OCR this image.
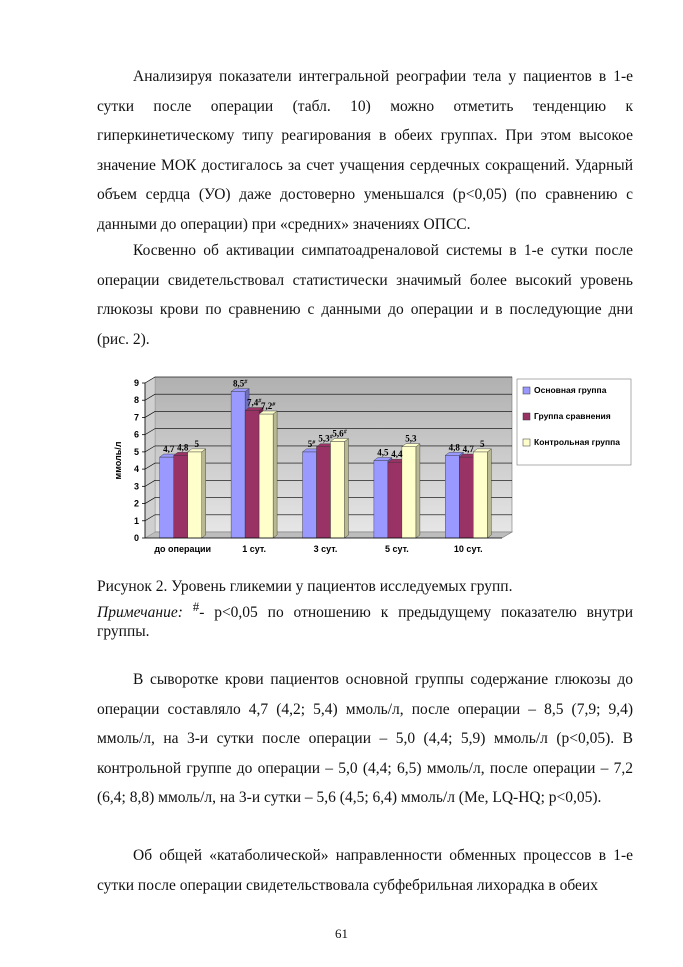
Анализируя показатели интегральной реографии тела у пациентов в 1-е сутки после операции (табл. 10) можно отметить тенденцию к гиперкинетическому типу реагирования в обеих группах. При этом высокое значение МОК достигалось за счет учащения сердечных сокращений. Ударный объем сердца (УО) даже достоверно уменьшался (р<0,05) (по сравнению с данными до операции) при «средних» значениях ОПСС.

Косвенно об активации симпатоадреналовой системы в 1-е сутки после операции свидетельствовал статистически значимый более высокий уровень глюкозы крови по сравнению с данными до операции и в последующие дни (рис. 2).

4,7 4,8 5
8,5#
7,4# 7,2#
5# 5,3# 5,6#
4,5 4,4
5,3
4,8 4,7
5
0
1
2
3
4
5
6
7
8
9
ммоль/л
до операции	1 сут.	3 сут.	5 сут.	10 сут.
Основная группа
Группа сравнения
Контрольная группа
Рисунок 2. Уровень гликемии у пациентов исследуемых групп.
Примечание: #- р<0,05 по отношению к предыдущему показателю внутри группы.

В сыворотке крови пациентов основной группы содержание глюкозы до операции составляло 4,7 (4,2; 5,4) ммоль/л, после операции – 8,5 (7,9; 9,4) ммоль/л, на 3-и сутки после операции – 5,0 (4,4; 5,9) ммоль/л (р<0,05). В контрольной группе до операции – 5,0 (4,4; 6,5) ммоль/л, после операции – 7,2 (6,4; 8,8) ммоль/л, на 3-и сутки – 5,6 (4,5; 6,4) ммоль/л (Me, LQ-HQ; р<0,05).

Об общей «катаболической» направленности обменных процессов в 1-е сутки после операции свидетельствовала субфебрильная лихорадка в обеих

61
